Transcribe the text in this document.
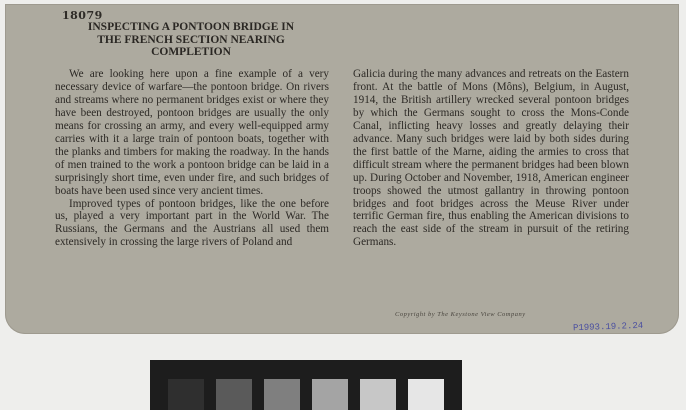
18079
INSPECTING A PONTOON BRIDGE IN
THE FRENCH SECTION NEARING
COMPLETION

We are looking here upon a fine example of a very necessary device of warfare—the pontoon bridge. On rivers and streams where no permanent bridges exist or where they have been destroyed, pontoon bridges are usually the only means for crossing an army, and every well-equipped army carries with it a large train of pontoon boats, together with the planks and timbers for making the roadway. In the hands of men trained to the work a pontoon bridge can be laid in a surprisingly short time, even under fire, and such bridges of boats have been used since very ancient times.

Improved types of pontoon bridges, like the one before us, played a very important part in the World War. The Russians, the Germans and the Austrians all used them extensively in crossing the large rivers of Poland and

Galicia during the many advances and retreats on the Eastern front. At the battle of Mons (Môns), Belgium, in August, 1914, the British artillery wrecked several pontoon bridges by which the Germans sought to cross the Mons-Conde Canal, inflicting heavy losses and greatly delaying their advance. Many such bridges were laid by both sides during the first battle of the Marne, aiding the armies to cross that difficult stream where the permanent bridges had been blown up. During October and November, 1918, American engineer troops showed the utmost gallantry in throwing pontoon bridges and foot bridges across the Meuse River under terrific German fire, thus enabling the American divisions to reach the east side of the stream in pursuit of the retiring Germans.

Copyright by The Keystone View Company
P1993.19.2.24
